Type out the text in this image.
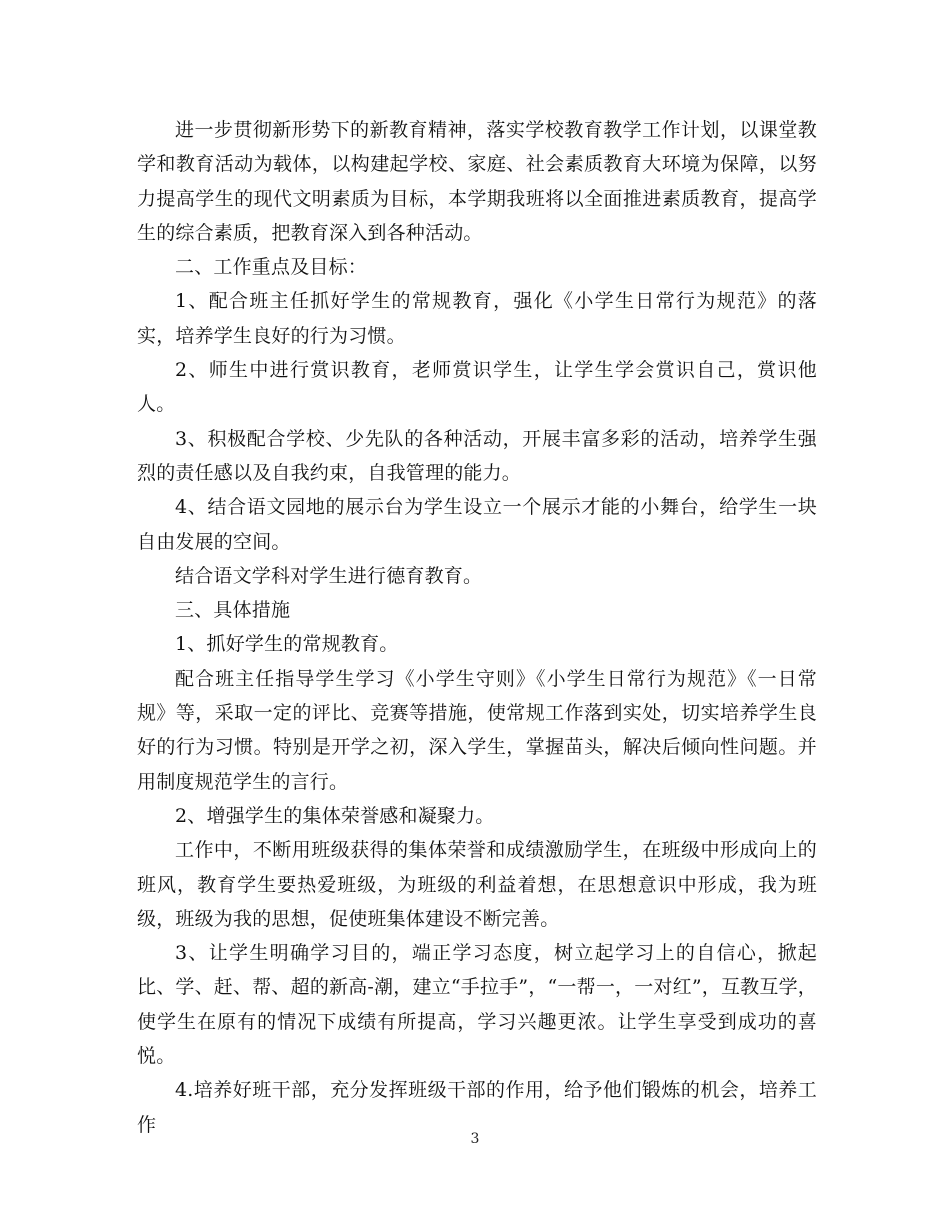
进一步贯彻新形势下的新教育精神，落实学校教育教学工作计划，以课堂教学和教育活动为载体，以构建起学校、家庭、社会素质教育大环境为保障，以努力提高学生的现代文明素质为目标，本学期我班将以全面推进素质教育，提高学生的综合素质，把教育深入到各种活动。

二、工作重点及目标：

1、配合班主任抓好学生的常规教育，强化《小学生日常行为规范》的落实，培养学生良好的行为习惯。

2、师生中进行赏识教育，老师赏识学生，让学生学会赏识自己，赏识他人。

3、积极配合学校、少先队的各种活动，开展丰富多彩的活动，培养学生强烈的责任感以及自我约束，自我管理的能力。

4、结合语文园地的展示台为学生设立一个展示才能的小舞台，给学生一块自由发展的空间。

结合语文学科对学生进行德育教育。

三、具体措施

1、抓好学生的常规教育。

配合班主任指导学生学习《小学生守则》《小学生日常行为规范》《一日常规》等，采取一定的评比、竞赛等措施，使常规工作落到实处，切实培养学生良好的行为习惯。特别是开学之初，深入学生，掌握苗头，解决后倾向性问题。并用制度规范学生的言行。

2、增强学生的集体荣誉感和凝聚力。

工作中，不断用班级获得的集体荣誉和成绩激励学生，在班级中形成向上的班风，教育学生要热爱班级，为班级的利益着想，在思想意识中形成，我为班级，班级为我的思想，促使班集体建设不断完善。

3、让学生明确学习目的，端正学习态度，树立起学习上的自信心，掀起比、学、赶、帮、超的新高-潮，建立“手拉手”，“一帮一，一对红”，互教互学，使学生在原有的情况下成绩有所提高，学习兴趣更浓。让学生享受到成功的喜悦。

4.培养好班干部，充分发挥班级干部的作用，给予他们锻炼的机会，培养工作

3
